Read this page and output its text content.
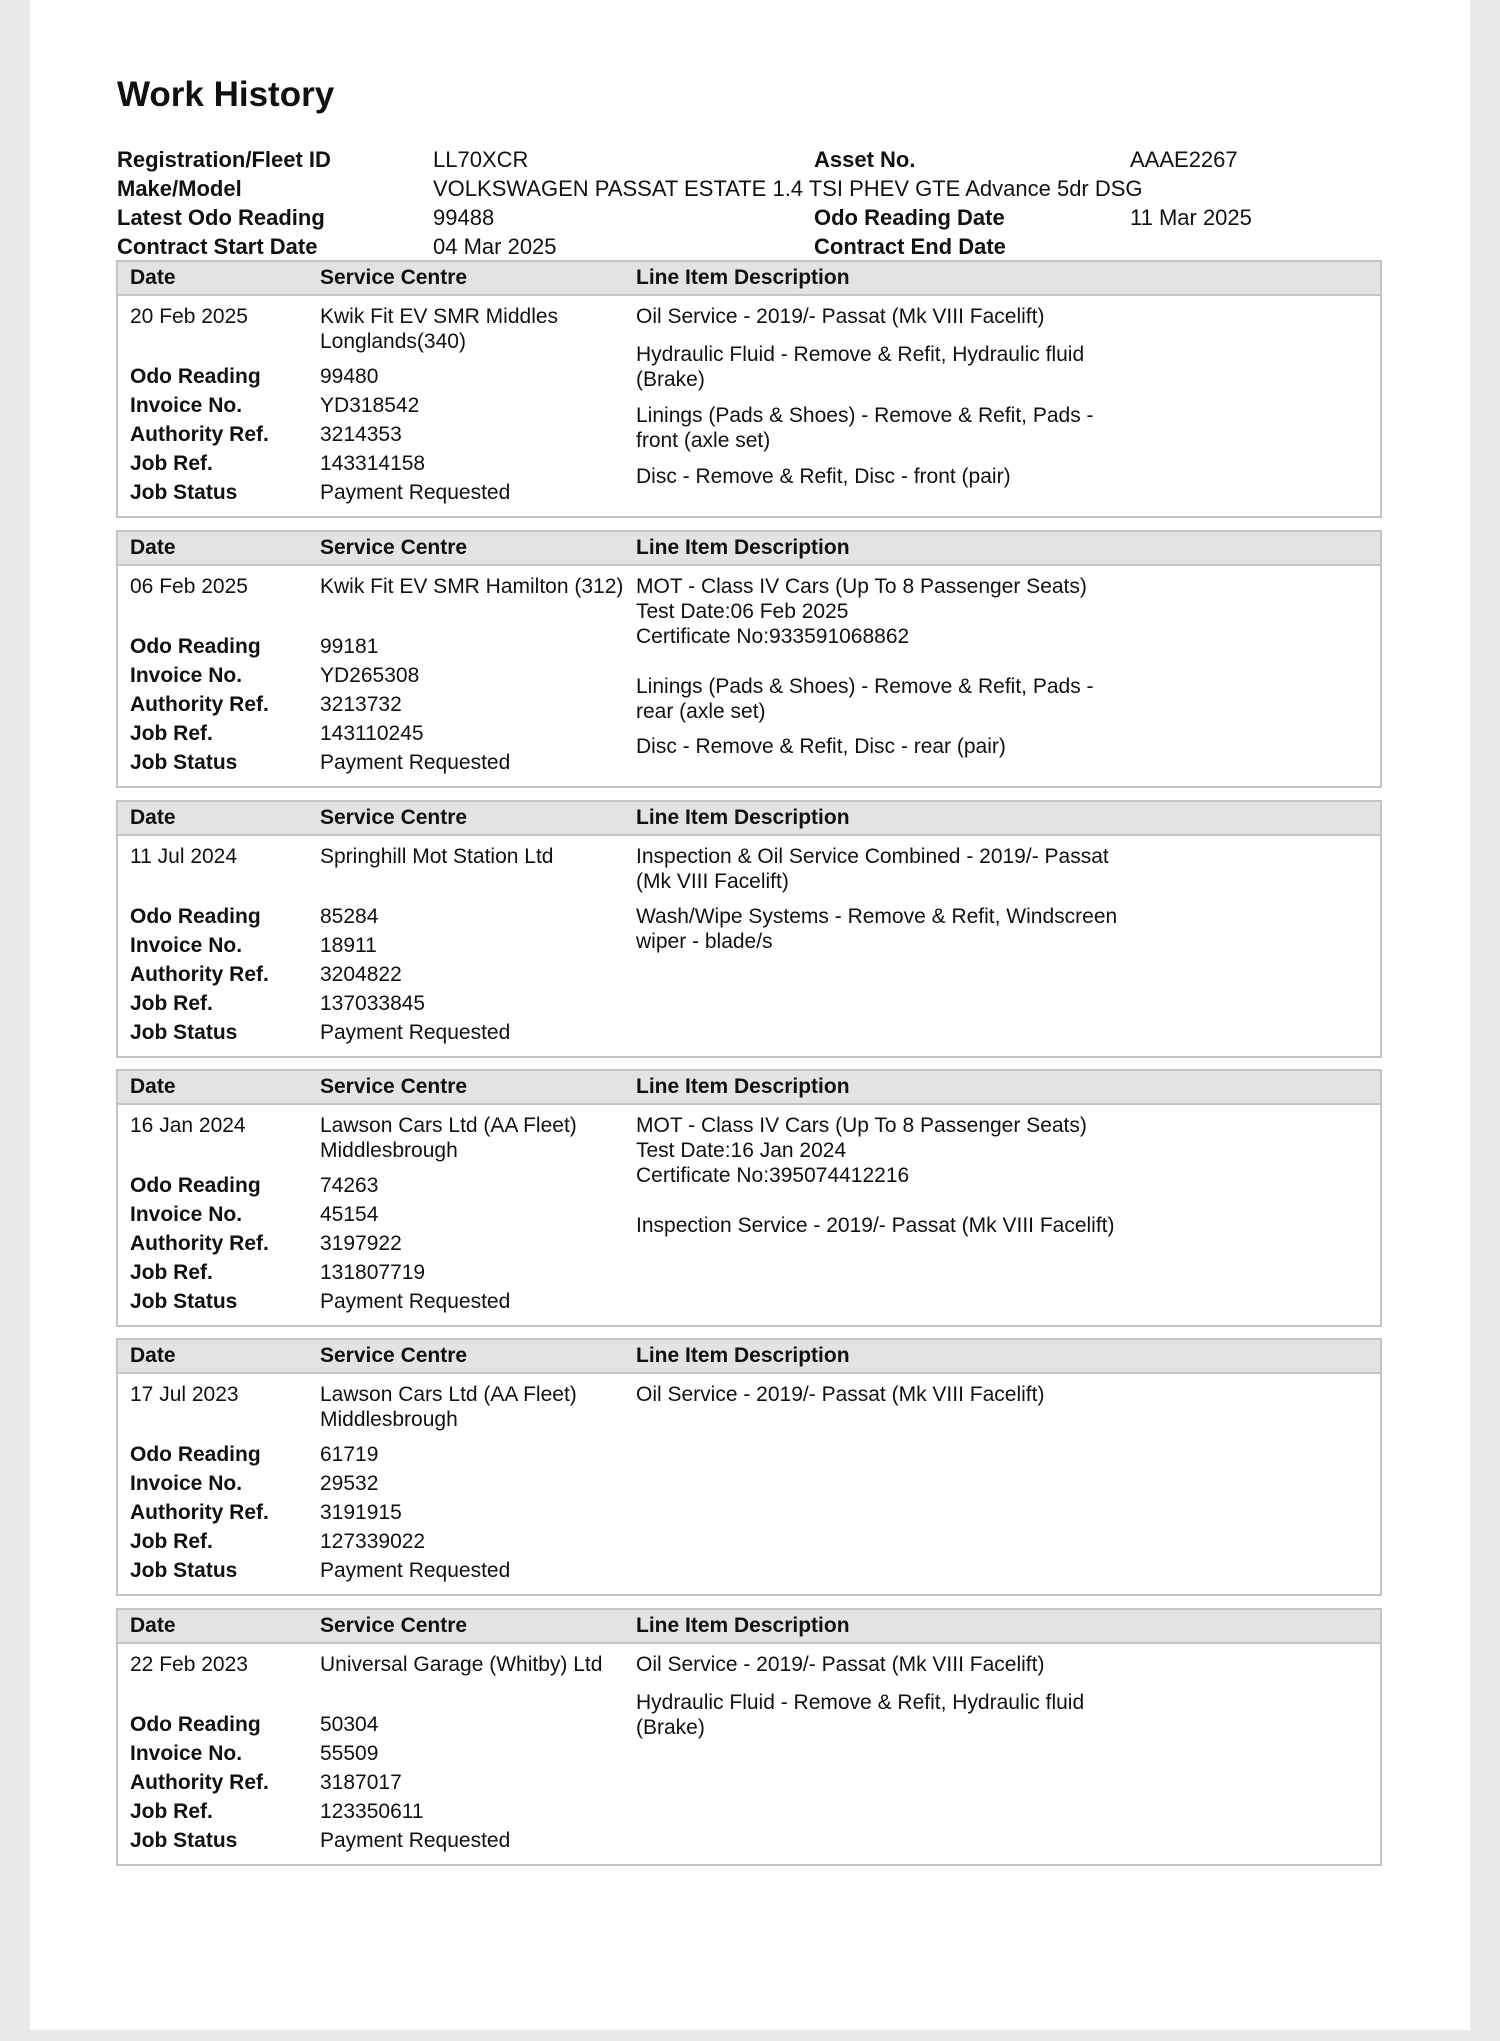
Work History
Registration/Fleet ID	LL70XCR	Asset No.	AAAE2267
Make/Model	VOLKSWAGEN PASSAT ESTATE 1.4 TSI PHEV GTE Advance 5dr DSG
Latest Odo Reading	99488	Odo Reading Date	11 Mar 2025
Contract Start Date	04 Mar 2025	Contract End Date
Date	Service Centre	Line Item Description
20 Feb 2025	Kwik Fit EV SMR Middles Longlands(340)
Odo Reading	99480
Invoice No.	YD318542
Authority Ref. 3214353
Job Ref.	143314158
Job Status	Payment Requested
Oil Service - 2019/- Passat (Mk VIII Facelift)
Hydraulic Fluid - Remove & Refit, Hydraulic fluid (Brake)
Linings (Pads & Shoes) - Remove & Refit, Pads - front (axle set)
Disc - Remove & Refit, Disc - front (pair)
Date	Service Centre	Line Item Description
06 Feb 2025	Kwik Fit EV SMR Hamilton (312)
Odo Reading	99181
Invoice No.	YD265308
Authority Ref. 3213732
Job Ref.	143110245
Job Status	Payment Requested
MOT - Class IV Cars (Up To 8 Passenger Seats)
Test Date:06 Feb 2025
Certificate No:933591068862
Linings (Pads & Shoes) - Remove & Refit, Pads - rear (axle set)
Disc - Remove & Refit, Disc - rear (pair)
Date	Service Centre	Line Item Description
11 Jul 2024	Springhill Mot Station Ltd
Odo Reading	85284
Invoice No.	18911
Authority Ref. 3204822
Job Ref.	137033845
Job Status	Payment Requested
Inspection & Oil Service Combined - 2019/- Passat (Mk VIII Facelift)
Wash/Wipe Systems - Remove & Refit, Windscreen wiper - blade/s
Date	Service Centre	Line Item Description
16 Jan 2024	Lawson Cars Ltd (AA Fleet) Middlesbrough
Odo Reading	74263
Invoice No.	45154
Authority Ref. 3197922
Job Ref.	131807719
Job Status	Payment Requested
MOT - Class IV Cars (Up To 8 Passenger Seats)
Test Date:16 Jan 2024
Certificate No:395074412216
Inspection Service - 2019/- Passat (Mk VIII Facelift)
Date	Service Centre	Line Item Description
17 Jul 2023	Lawson Cars Ltd (AA Fleet) Middlesbrough
Odo Reading	61719
Invoice No.	29532
Authority Ref. 3191915
Job Ref.	127339022
Job Status	Payment Requested
Oil Service - 2019/- Passat (Mk VIII Facelift)
Date	Service Centre	Line Item Description
22 Feb 2023	Universal Garage (Whitby) Ltd
Odo Reading	50304
Invoice No.	55509
Authority Ref. 3187017
Job Ref.	123350611
Job Status	Payment Requested
Oil Service - 2019/- Passat (Mk VIII Facelift)
Hydraulic Fluid - Remove & Refit, Hydraulic fluid (Brake)
